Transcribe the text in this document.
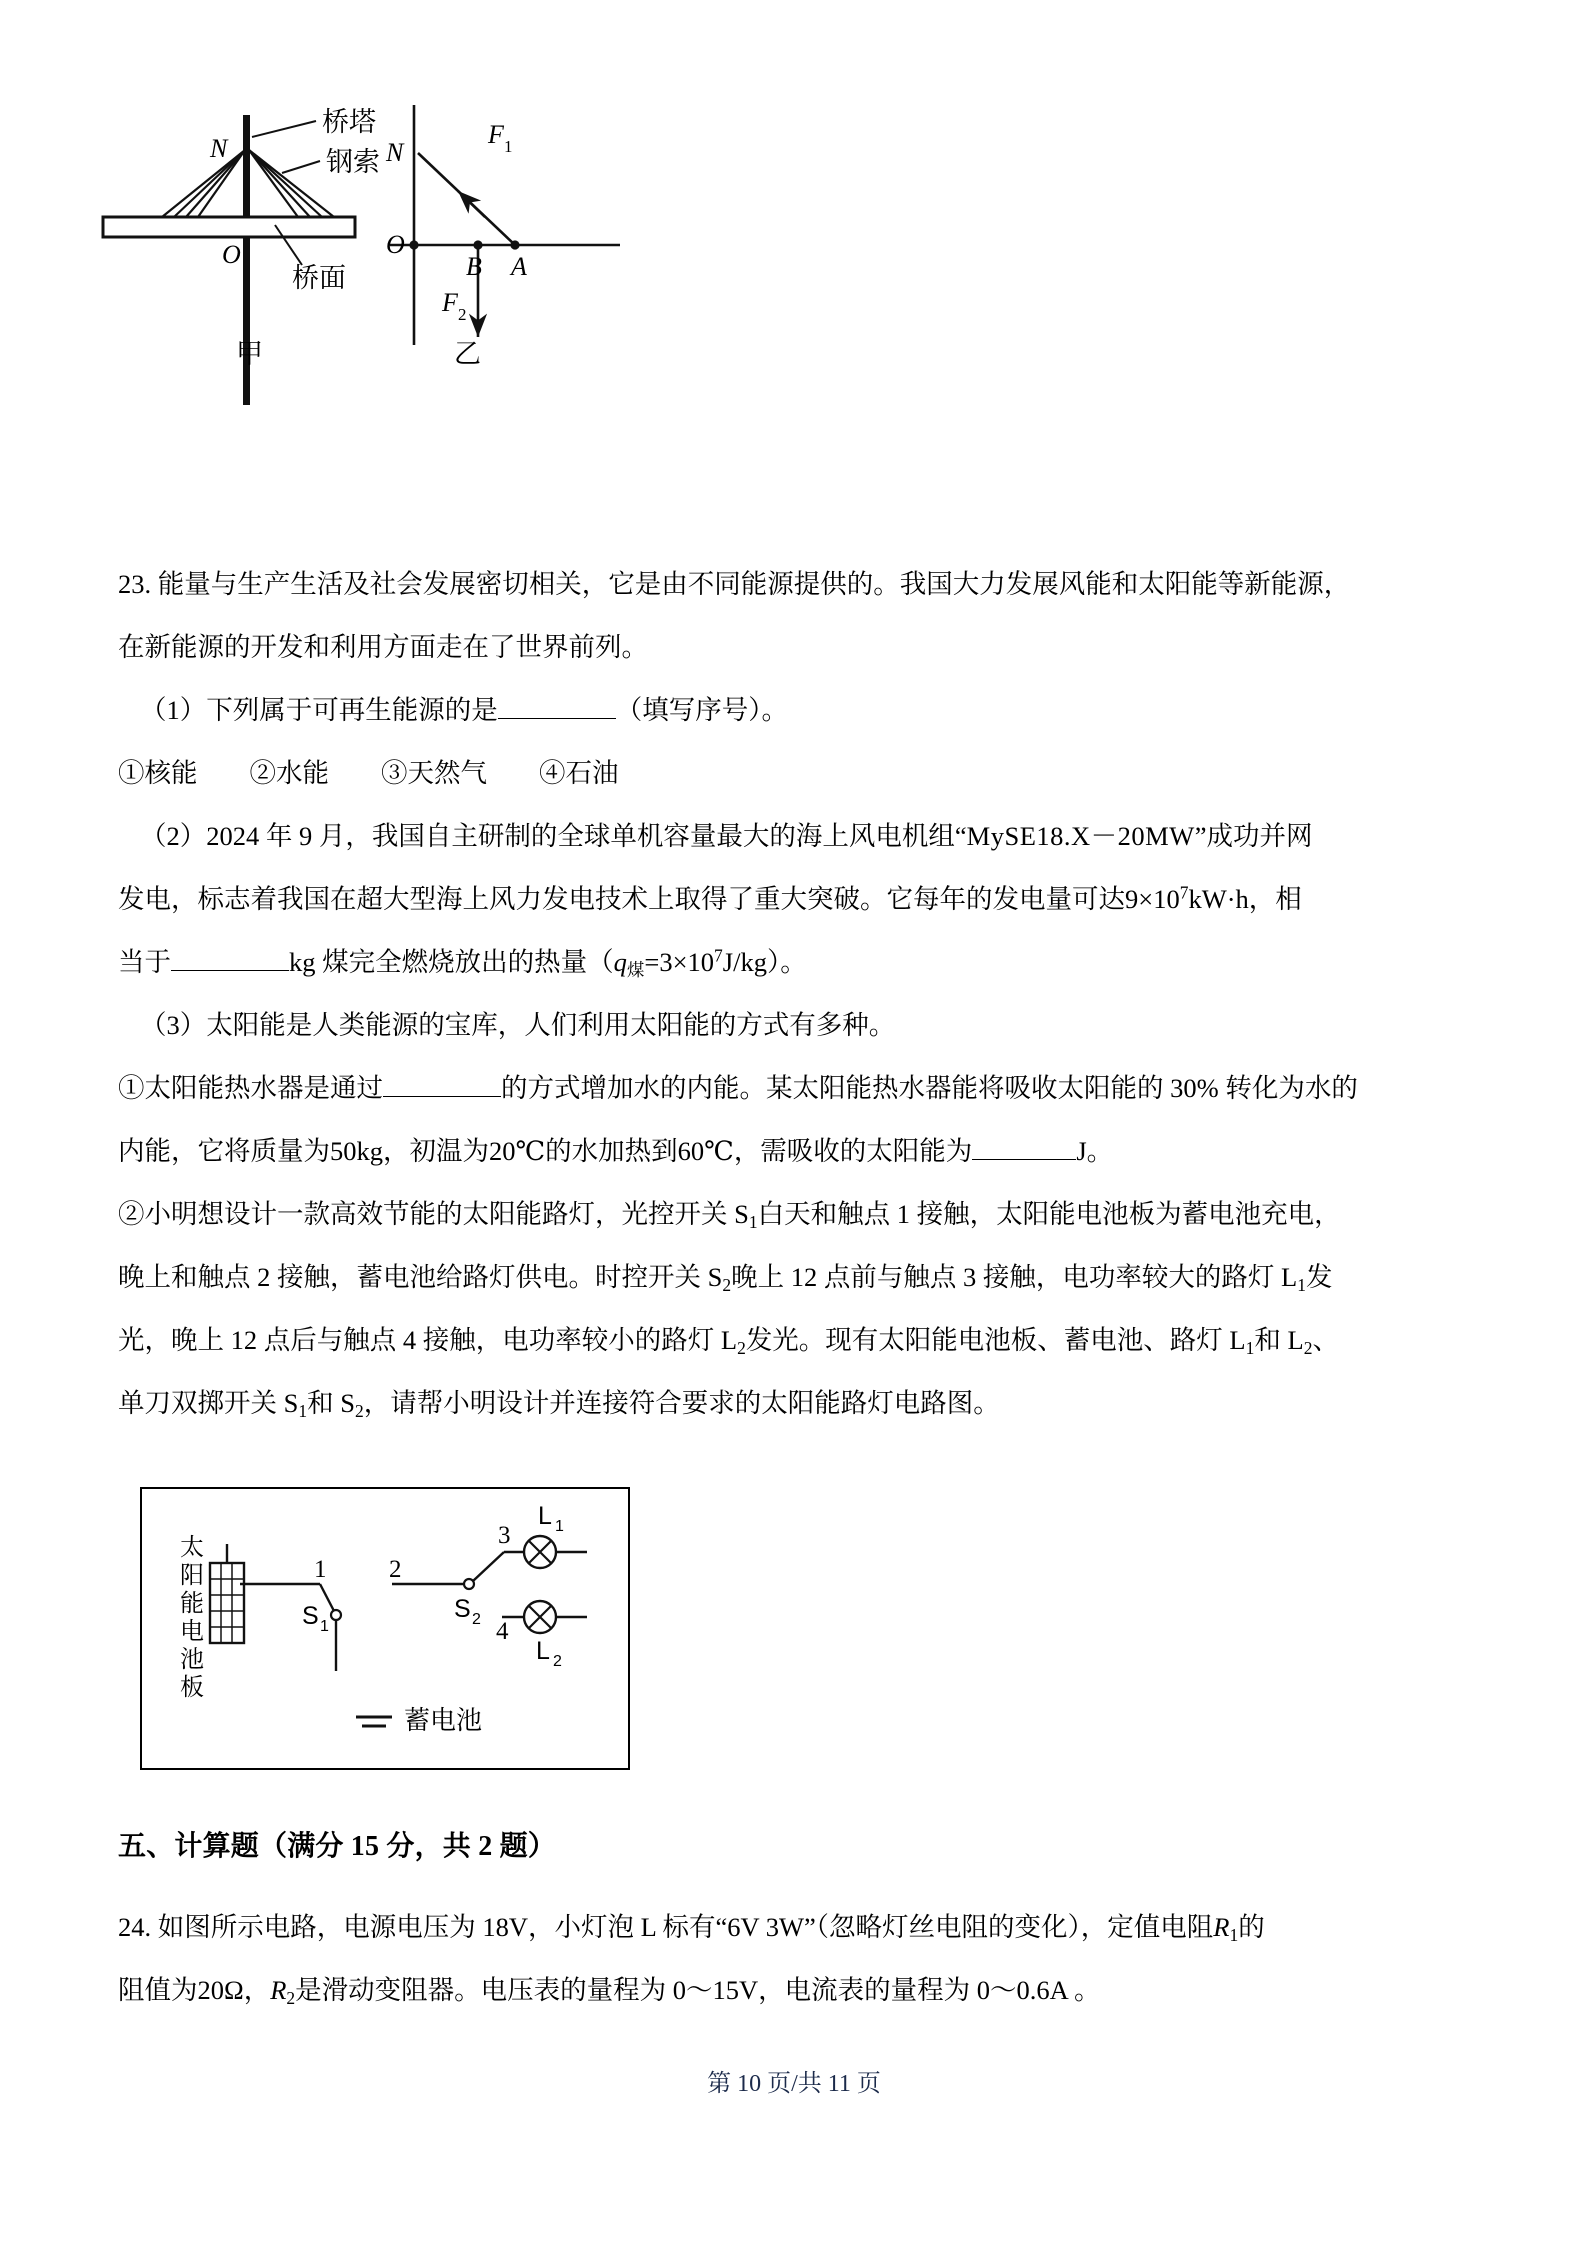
N
O
桥塔
钢索
桥面
甲
N
O
B A
F 1
F 2
乙
23. 能量与生产生活及社会发展密切相关，它是由不同能源提供的。我国大力发展风能和太阳能等新能源，
在新能源的开发和利用方面走在了世界前列。
（1）下列属于可再生能源的是	（填写序号）。
①核能 ②水能 ③天然气 ④石油
（2）2024 年 9 月，我国自主研制的全球单机容量最大的海上风电机组“MySE18.X－20MW”成功并网
发电，标志着我国在超大型海上风力发电技术上取得了重大突破。它每年的发电量可达$9\times 10^7kW\cdot h$，相
当于	kg 煤完全燃烧放出的热量$(q_煤=3\times 10^7J/kg)$。
（3）太阳能是人类能源的宝库，人们利用太阳能的方式有多种。
①太阳能热水器是通过	的方式增加水的内能。某太阳能热水器能将吸收太阳能的 30% 转化为水的
内能，它将质量为50kg，初温为20℃的水加热到60℃，需吸收的太阳能为	J。
②小明想设计一款高效节能的太阳能路灯，光控开关 $S_1$白天和触点 1 接触，太阳能电池板为蓄电池充电，
晚上和触点 2 接触，蓄电池给路灯供电。时控开关 $S_2$晚上 12 点前与触点 3 接触，电功率较大的路灯 $L_1$发
光，晚上 12 点后与触点 4 接触，电功率较小的路灯 $L_2$发光。现有太阳能电池板、蓄电池、路灯 $L_1$和 $L_2$、
单刀双掷开关 $S_1$和 $S_2$，请帮小明设计并连接符合要求的太阳能路灯电路图。
太
阳
能
电
池
板
1
S 1
2
S 2
3
L 1
4
L 2
蓄电池
五、计算题（满分 15 分，共 2 题）
24. 如图所示电路，电源电压为 18V，小灯泡 L 标有“6V 3W”（忽略灯丝电阻的变化），定值电阻$R_1$的
阻值为20Ω，$R_2$是滑动变阻器。电压表的量程为 0～15V，电流表的量程为 0～0.6A 。
第 10 页/共 11 页
